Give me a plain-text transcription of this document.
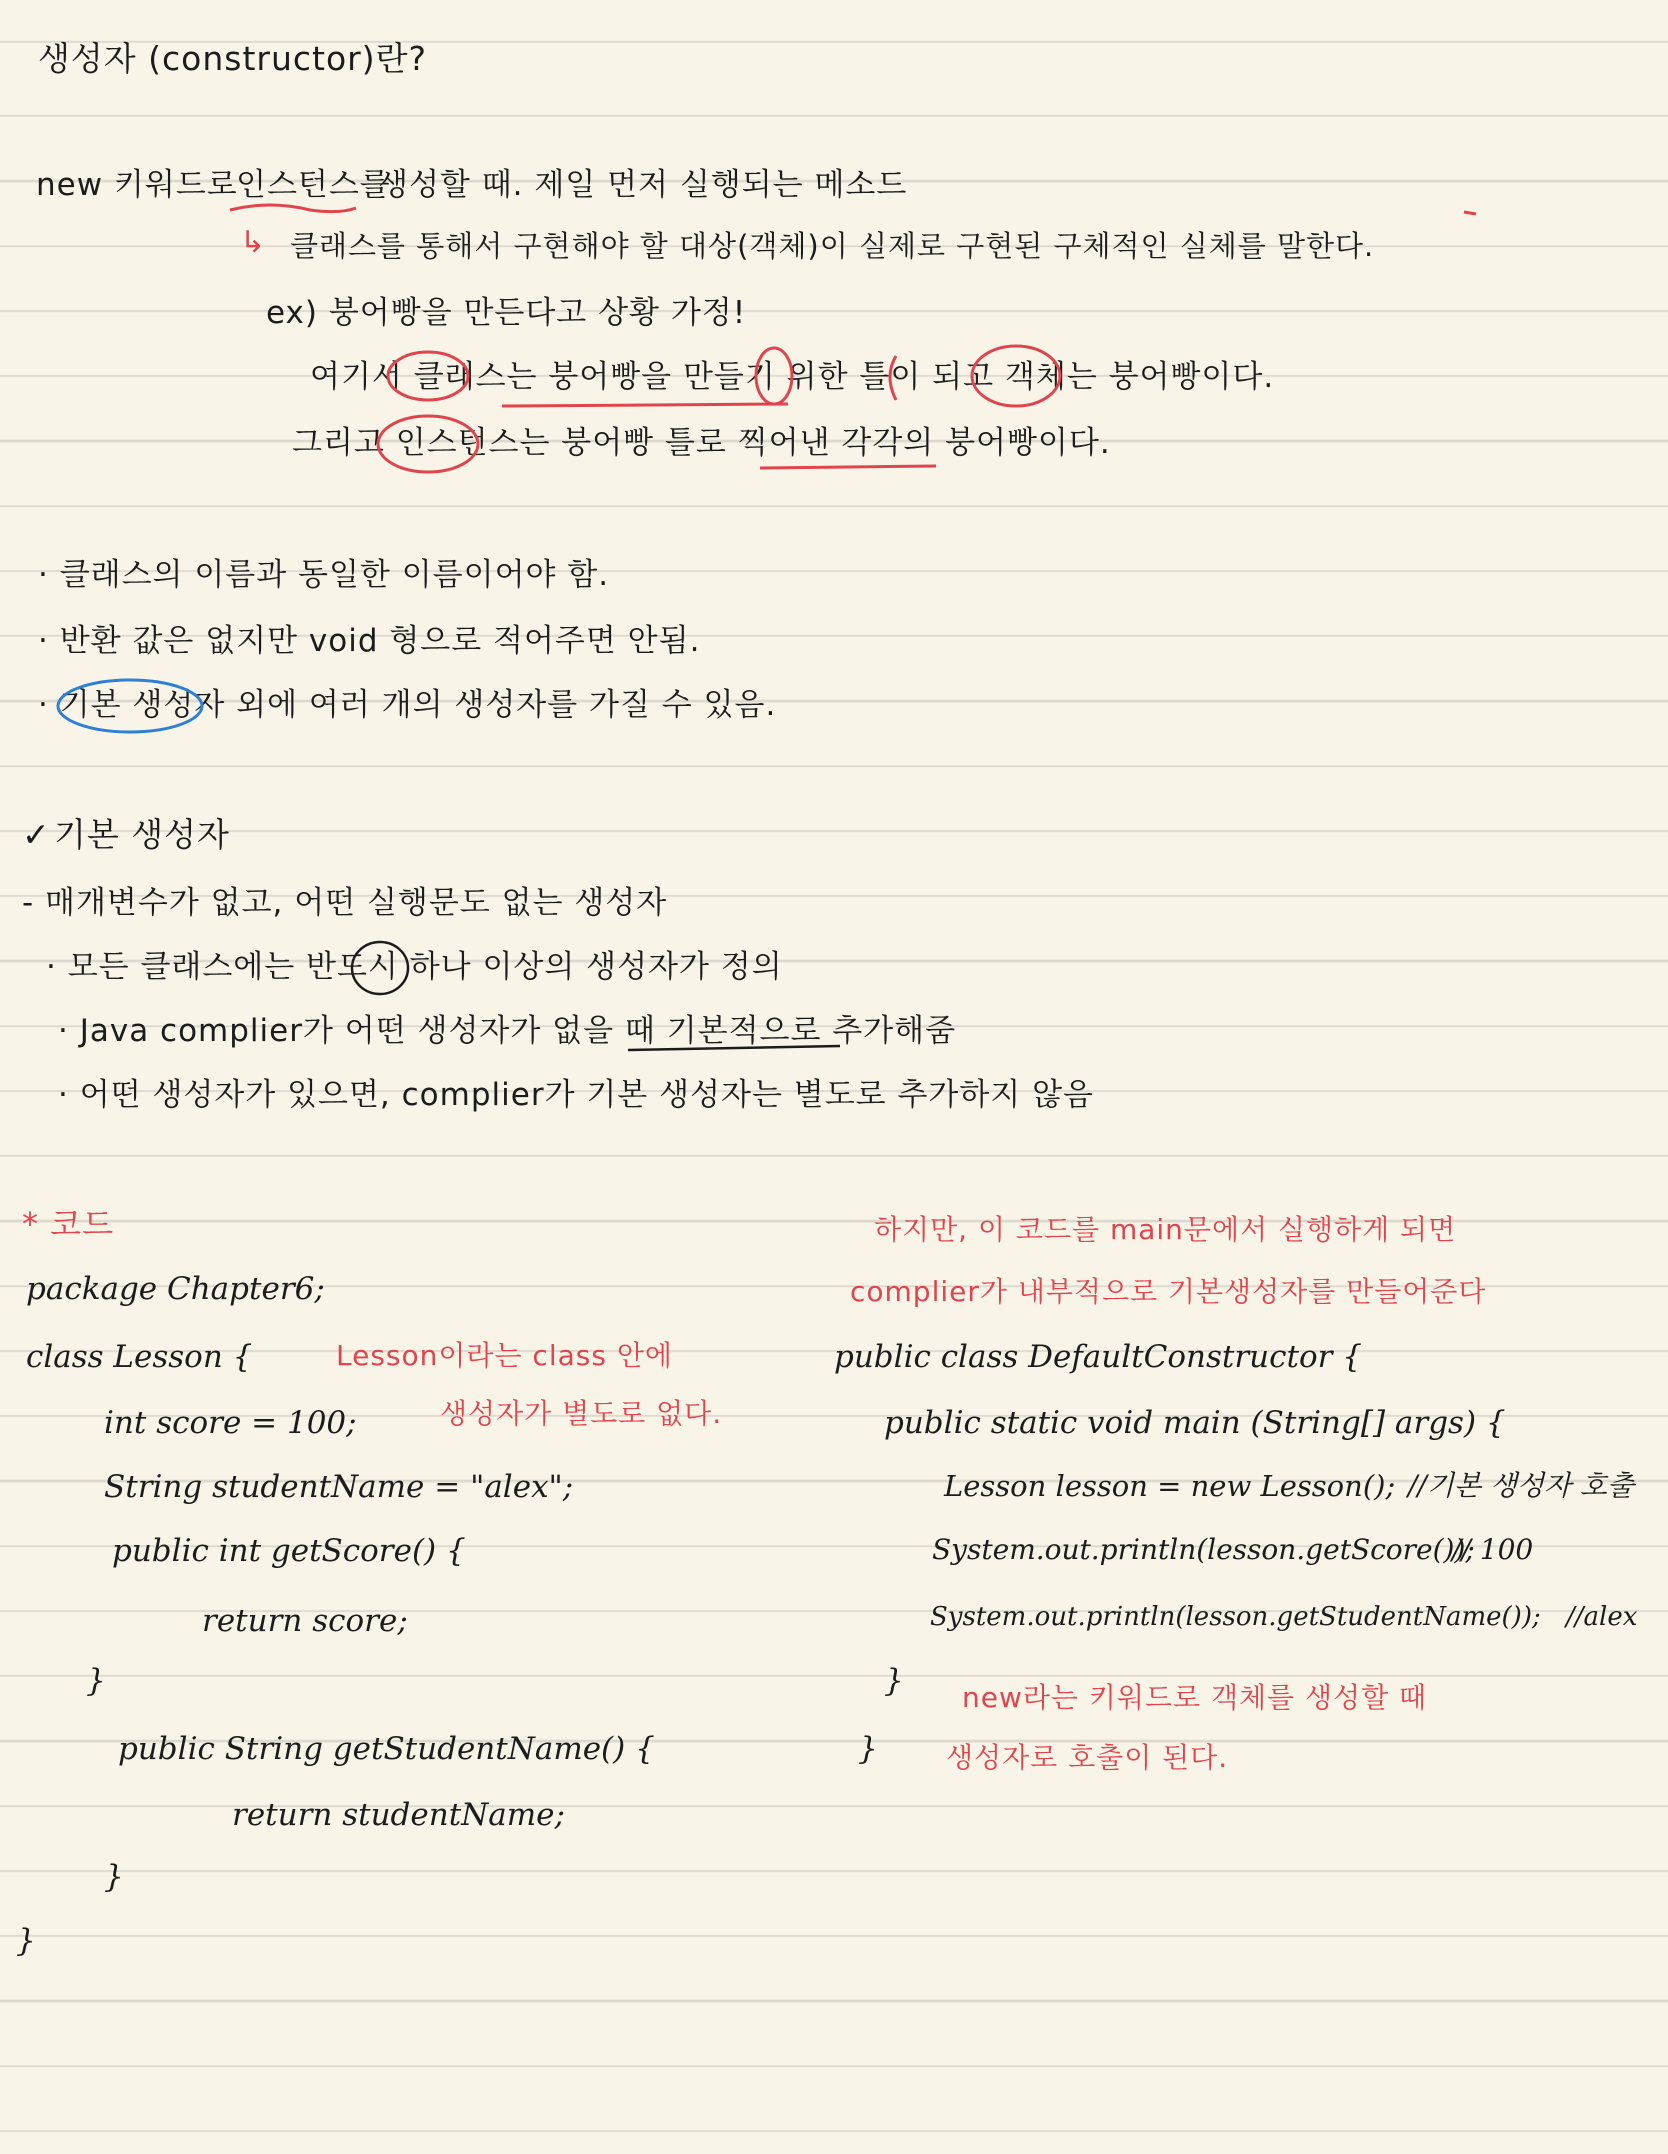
생성자 (constructor)란?
new 키워드로
인스턴스를
생성할 때. 제일 먼저 실행되는 메소드
↳ 클래스를 통해서 구현해야 할 대상(객체)이 실제로 구현된 구체적인 실체를 말한다.
ex) 붕어빵을 만든다고 상황 가정!
여기서 클래스는 붕어빵을 만들기 위한 틀이 되고 객체는 붕어빵이다.
그리고 인스턴스는 붕어빵 틀로 찍어낸 각각의 붕어빵이다.
· 클래스의 이름과 동일한 이름이어야 함.
· 반환 값은 없지만 void 형으로 적어주면 안됨.
· 기본 생성자 외에 여러 개의 생성자를 가질 수 있음.
✓ 기본 생성자
- 매개변수가 없고, 어떤 실행문도 없는 생성자
· 모든 클래스에는 반드시 하나 이상의 생성자가 정의
· Java complier가 어떤 생성자가 없을 때 기본적으로 추가해줌
· 어떤 생성자가 있으면, complier가 기본 생성자는 별도로 추가하지 않음
* 코드
package Chapter6;
class Lesson {
int score = 100;
String studentName = "alex";
public int getScore() {
return score;
}
public String getStudentName() {
return studentName;
}
}
Lesson이라는 class 안에
생성자가 별도로 없다.
하지만, 이 코드를 main문에서 실행하게 되면
complier가 내부적으로 기본생성자를 만들어준다
public class DefaultConstructor {
public static void main (String[] args) {
Lesson lesson = new Lesson();
System.out.println(lesson.getScore());
System.out.println(lesson.getStudentName());
}
}
//기본 생성자 호출
// 100
//alex
new라는 키워드로 객체를 생성할 때
생성자로 호출이 된다.
